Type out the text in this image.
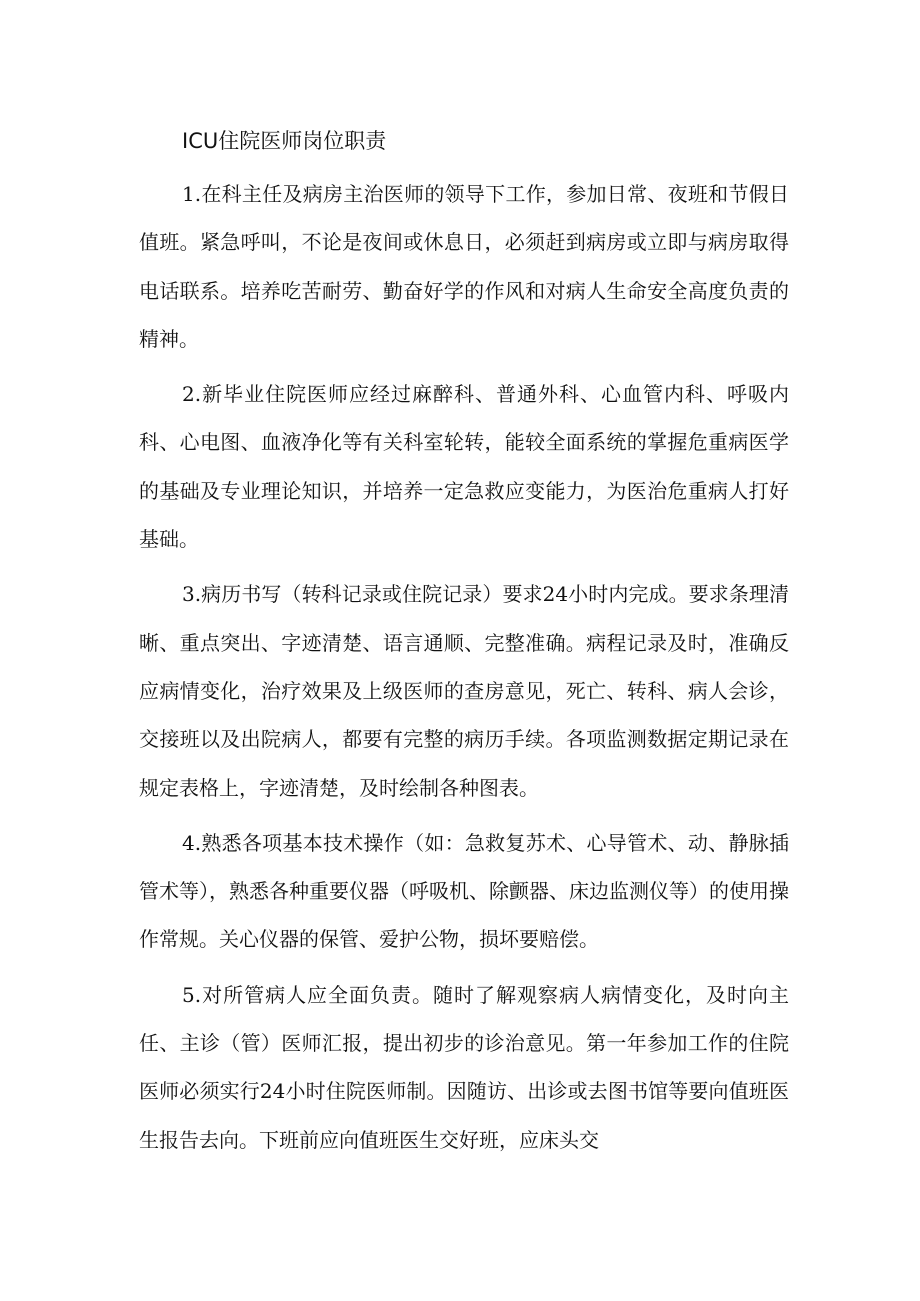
ICU住院医师岗位职责

1.在科主任及病房主治医师的领导下工作，参加日常、夜班和节假日值班。紧急呼叫，不论是夜间或休息日，必须赶到病房或立即与病房取得电话联系。培养吃苦耐劳、勤奋好学的作风和对病人生命安全高度负责的精神。

2.新毕业住院医师应经过麻醉科、普通外科、心血管内科、呼吸内科、心电图、血液净化等有关科室轮转，能较全面系统的掌握危重病医学的基础及专业理论知识，并培养一定急救应变能力，为医治危重病人打好基础。

3.病历书写（转科记录或住院记录）要求24小时内完成。要求条理清晰、重点突出、字迹清楚、语言通顺、完整准确。病程记录及时，准确反应病情变化，治疗效果及上级医师的查房意见，死亡、转科、病人会诊，交接班以及出院病人，都要有完整的病历手续。各项监测数据定期记录在规定表格上，字迹清楚，及时绘制各种图表。

4.熟悉各项基本技术操作（如：急救复苏术、心导管术、动、静脉插管术等），熟悉各种重要仪器（呼吸机、除颤器、床边监测仪等）的使用操作常规。关心仪器的保管、爱护公物，损坏要赔偿。

5.对所管病人应全面负责。随时了解观察病人病情变化，及时向主任、主诊（管）医师汇报，提出初步的诊治意见。第一年参加工作的住院医师必须实行24小时住院医师制。因随访、出诊或去图书馆等要向值班医生报告去向。下班前应向值班医生交好班，应床头交
